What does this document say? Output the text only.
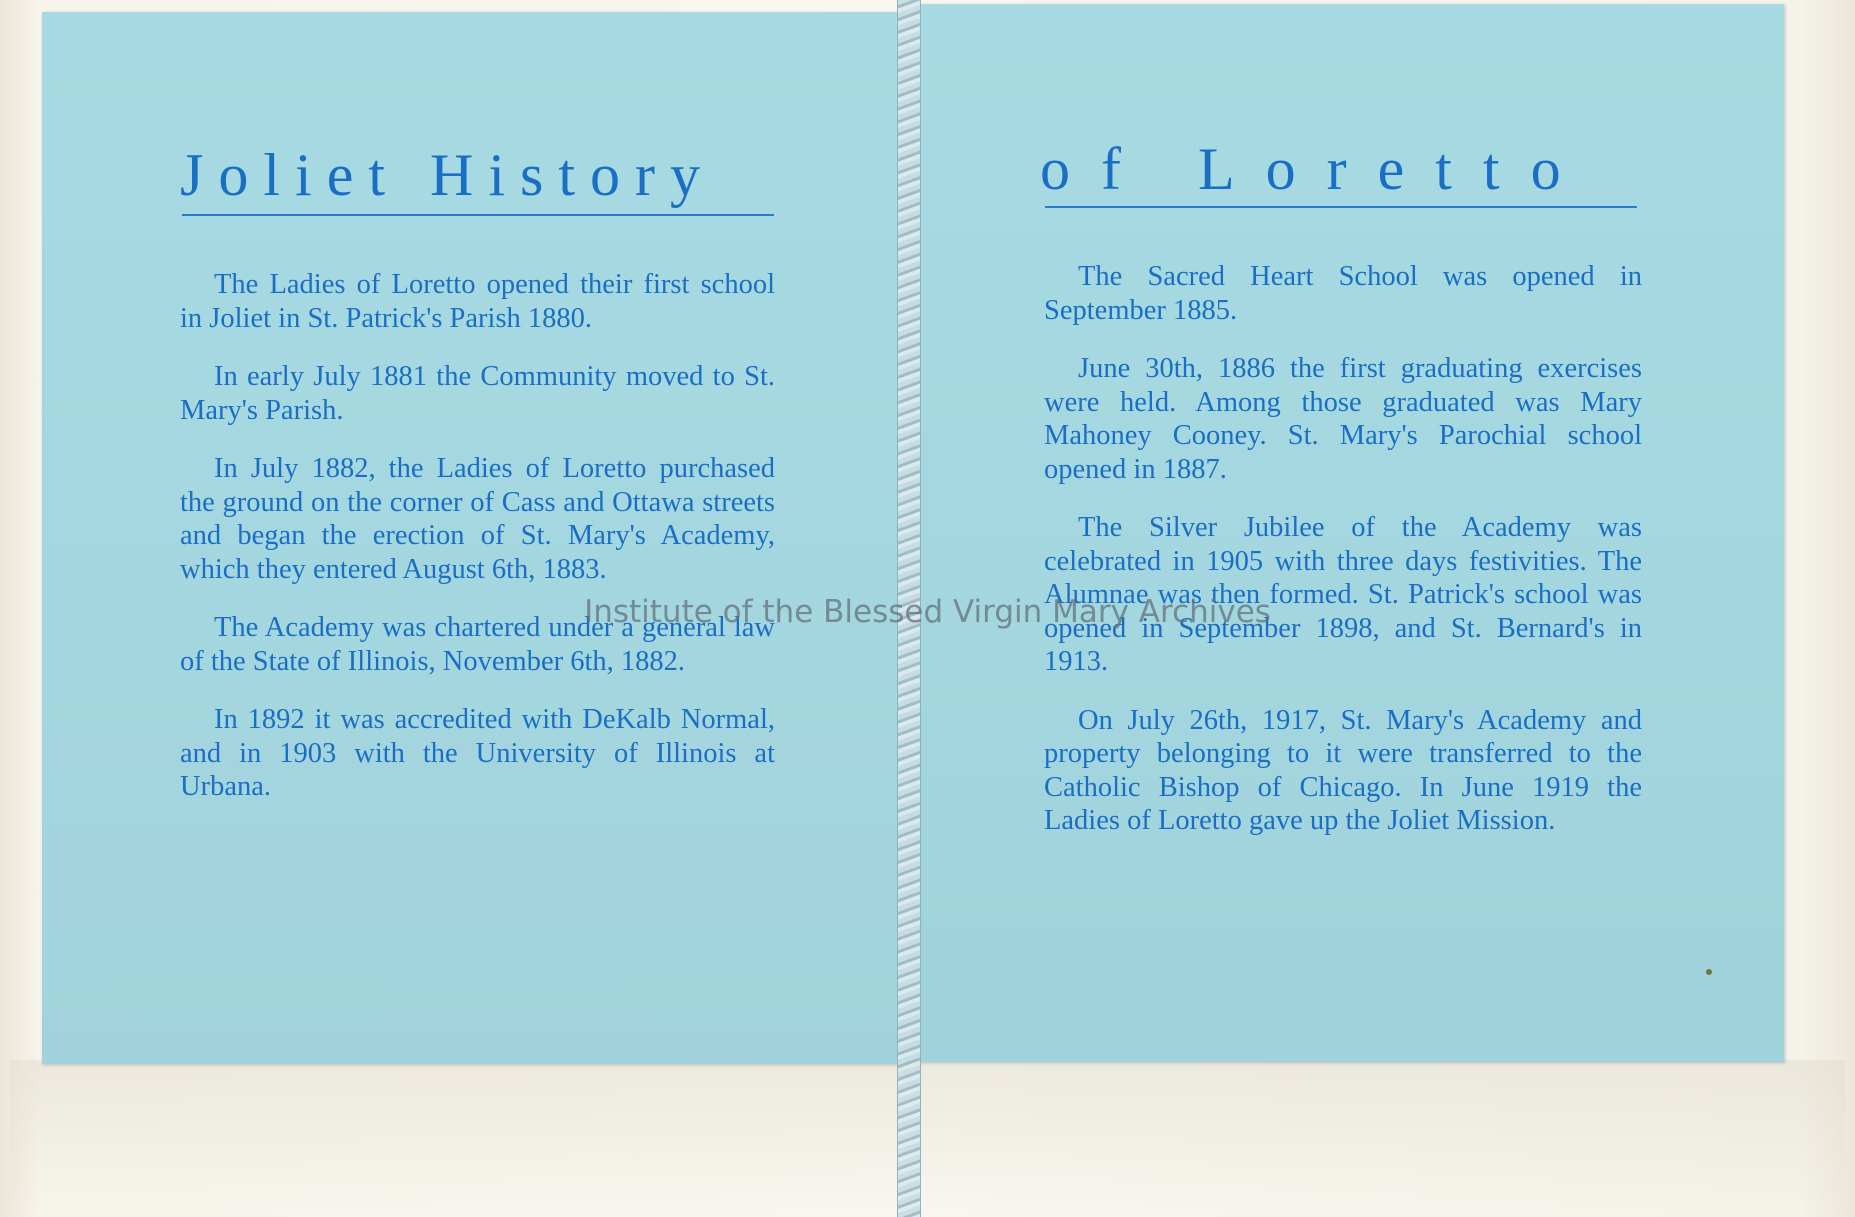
Joliet History	of Loretto

The Ladies of Loretto opened their first school in Joliet in St. Patrick's Parish 1880.

In early July 1881 the Community moved to St. Mary's Parish.

In July 1882, the Ladies of Loretto purchased the ground on the corner of Cass and Ottawa streets and began the erection of St. Mary's Academy, which they entered August 6th, 1883.

The Academy was chartered under a general law of the State of Illinois, November 6th, 1882.

In 1892 it was accredited with DeKalb Normal, and in 1903 with the University of Illinois at Urbana.

The Sacred Heart School was opened in September 1885.

June 30th, 1886 the first graduating exercises were held. Among those graduated was Mary Mahoney Cooney. St. Mary's Parochial school opened in 1887.

The Silver Jubilee of the Academy was celebrated in 1905 with three days festivities. The Alumnae was then formed. St. Patrick's school was opened in September 1898, and St. Bernard's in 1913.

On July 26th, 1917, St. Mary's Academy and property belonging to it were transferred to the Catholic Bishop of Chicago. In June 1919 the Ladies of Loretto gave up the Joliet Mission.

Institute of the Blessed Virgin Mary Archives
